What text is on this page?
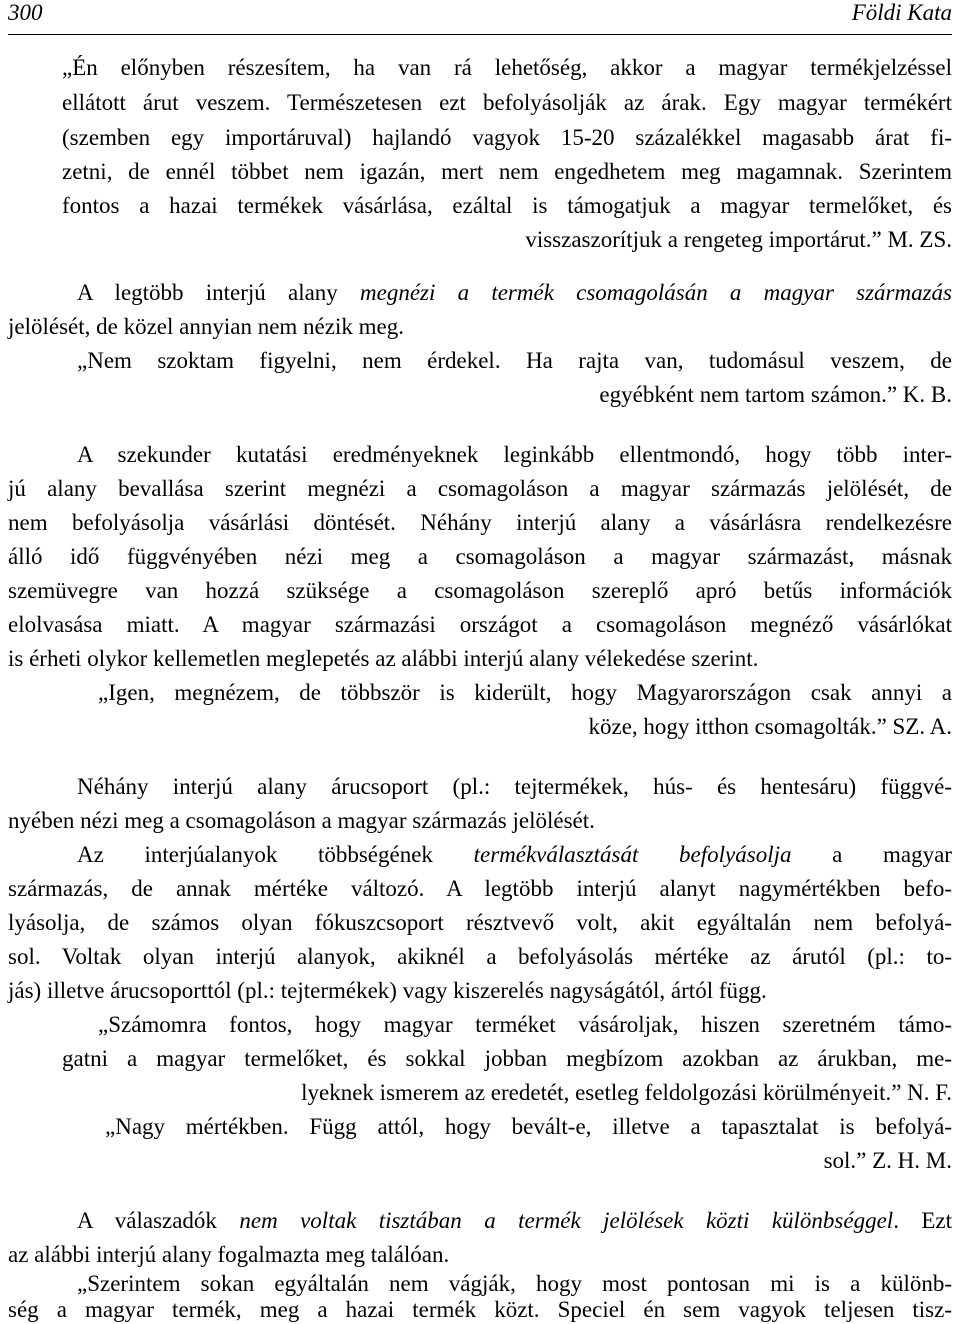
300	Földi Kata
„Én előnyben részesítem, ha van rá lehetőség, akkor a magyar termékjelzéssel
ellátott árut veszem. Természetesen ezt befolyásolják az árak. Egy magyar termékért
(szemben egy importáruval) hajlandó vagyok 15-20 százalékkel magasabb árat fi-
zetni, de ennél többet nem igazán, mert nem engedhetem meg magamnak. Szerintem
fontos a hazai termékek vásárlása, ezáltal is támogatjuk a magyar termelőket, és
visszaszorítjuk a rengeteg importárut.” M. ZS.
A legtöbb interjú alany megnézi a termék csomagolásán a magyar származás
jelölését, de közel annyian nem nézik meg.
„Nem szoktam figyelni, nem érdekel. Ha rajta van, tudomásul veszem, de
egyébként nem tartom számon.” K. B.
A szekunder kutatási eredményeknek leginkább ellentmondó, hogy több inter-
jú alany bevallása szerint megnézi a csomagoláson a magyar származás jelölését, de
nem befolyásolja vásárlási döntését. Néhány interjú alany a vásárlásra rendelkezésre
álló idő függvényében nézi meg a csomagoláson a magyar származást, másnak
szemüvegre van hozzá szüksége a csomagoláson szereplő apró betűs információk
elolvasása miatt. A magyar származási országot a csomagoláson megnéző vásárlókat
is érheti olykor kellemetlen meglepetés az alábbi interjú alany vélekedése szerint.
„Igen, megnézem, de többször is kiderült, hogy Magyarországon csak annyi a
köze, hogy itthon csomagolták.” SZ. A.
Néhány interjú alany árucsoport (pl.: tejtermékek, hús- és hentesáru) függvé-
nyében nézi meg a csomagoláson a magyar származás jelölését.
Az interjúalanyok többségének termékválasztását befolyásolja a magyar
származás, de annak mértéke változó. A legtöbb interjú alanyt nagymértékben befo-
lyásolja, de számos olyan fókuszcsoport résztvevő volt, akit egyáltalán nem befolyá-
sol. Voltak olyan interjú alanyok, akiknél a befolyásolás mértéke az árutól (pl.: to-
jás) illetve árucsoporttól (pl.: tejtermékek) vagy kiszerelés nagyságától, ártól függ.
„Számomra fontos, hogy magyar terméket vásároljak, hiszen szeretném támo-
gatni a magyar termelőket, és sokkal jobban megbízom azokban az árukban, me-
lyeknek ismerem az eredetét, esetleg feldolgozási körülményeit.” N. F.
„Nagy mértékben. Függ attól, hogy bevált-e, illetve a tapasztalat is befolyá-
sol.” Z. H. M.
A válaszadók nem voltak tisztában a termék jelölések közti különbséggel. Ezt
az alábbi interjú alany fogalmazta meg találóan.
„Szerintem sokan egyáltalán nem vágják, hogy most pontosan mi is a különb-
ség a magyar termék, meg a hazai termék közt. Speciel én sem vagyok teljesen tisz-
